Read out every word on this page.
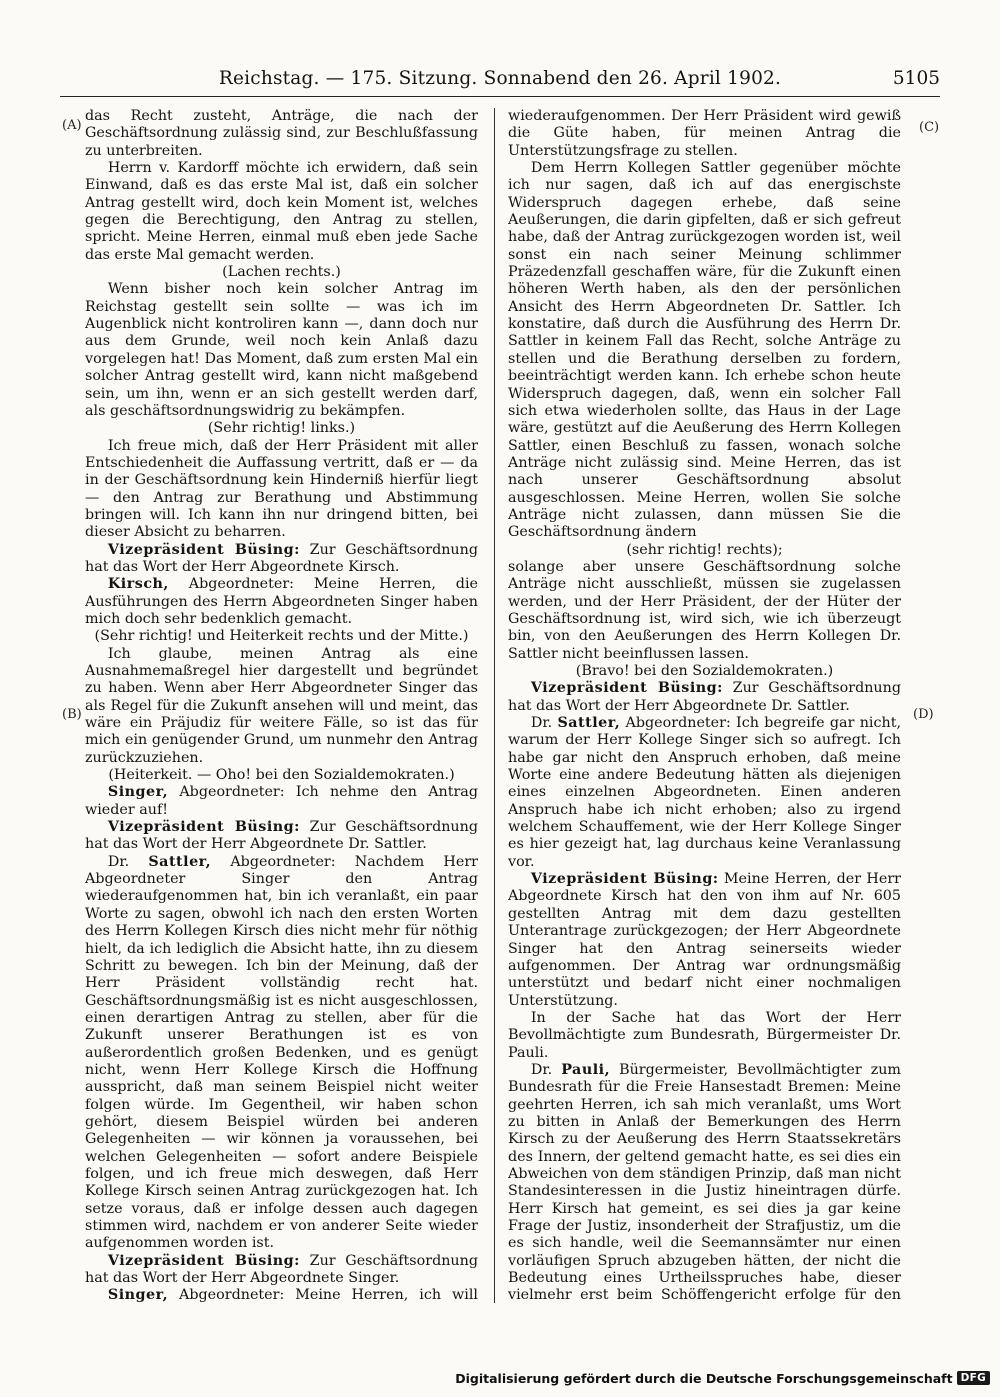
Reichstag. — 175. Sitzung. Sonnabend den 26. April 1902.	5105
(A)
(B)
(C)
(D)

das Recht zusteht, Anträge, die nach der Geschäftsordnung zulässig sind, zur Beschlußfassung zu unterbreiten.

Herrn v. Kardorff möchte ich erwidern, daß sein Einwand, daß es das erste Mal ist, daß ein solcher Antrag gestellt wird, doch kein Moment ist, welches gegen die Berechtigung, den Antrag zu stellen, spricht. Meine Herren, einmal muß eben jede Sache das erste Mal gemacht werden.

(Lachen rechts.)

Wenn bisher noch kein solcher Antrag im Reichstag gestellt sein sollte — was ich im Augenblick nicht kontroliren kann —, dann doch nur aus dem Grunde, weil noch kein Anlaß dazu vorgelegen hat! Das Moment, daß zum ersten Mal ein solcher Antrag gestellt wird, kann nicht maßgebend sein, um ihn, wenn er an sich gestellt werden darf, als geschäftsordnungswidrig zu bekämpfen.

(Sehr richtig! links.)

Ich freue mich, daß der Herr Präsident mit aller Entschiedenheit die Auffassung vertritt, daß er — da in der Geschäftsordnung kein Hinderniß hierfür liegt — den Antrag zur Berathung und Abstimmung bringen will. Ich kann ihn nur dringend bitten, bei dieser Absicht zu beharren.

Vizepräsident Büsing: Zur Geschäftsordnung hat das Wort der Herr Abgeordnete Kirsch.

Kirsch, Abgeordneter: Meine Herren, die Ausführungen des Herrn Abgeordneten Singer haben mich doch sehr bedenklich gemacht.

(Sehr richtig! und Heiterkeit rechts und der Mitte.)

Ich glaube, meinen Antrag als eine Ausnahmemaßregel hier dargestellt und begründet zu haben. Wenn aber Herr Abgeordneter Singer das als Regel für die Zukunft ansehen will und meint, das wäre ein Präjudiz für weitere Fälle, so ist das für mich ein genügender Grund, um nunmehr den Antrag zurückzuziehen.

(Heiterkeit. — Oho! bei den Sozialdemokraten.)

Singer, Abgeordneter: Ich nehme den Antrag wieder auf!

Vizepräsident Büsing: Zur Geschäftsordnung hat das Wort der Herr Abgeordnete Dr. Sattler.

Dr. Sattler, Abgeordneter: Nachdem Herr Abgeordneter Singer den Antrag wiederaufgenommen hat, bin ich veranlaßt, ein paar Worte zu sagen, obwohl ich nach den ersten Worten des Herrn Kollegen Kirsch dies nicht mehr für nöthig hielt, da ich lediglich die Absicht hatte, ihn zu diesem Schritt zu bewegen. Ich bin der Meinung, daß der Herr Präsident vollständig recht hat. Geschäftsordnungsmäßig ist es nicht ausgeschlossen, einen derartigen Antrag zu stellen, aber für die Zukunft unserer Berathungen ist es von außerordentlich großen Bedenken, und es genügt nicht, wenn Herr Kollege Kirsch die Hoffnung ausspricht, daß man seinem Beispiel nicht weiter folgen würde. Im Gegentheil, wir haben schon gehört, diesem Beispiel würden bei anderen Gelegenheiten — wir können ja voraussehen, bei welchen Gelegenheiten — sofort andere Beispiele folgen, und ich freue mich deswegen, daß Herr Kollege Kirsch seinen Antrag zurückgezogen hat. Ich setze voraus, daß er infolge dessen auch dagegen stimmen wird, nachdem er von anderer Seite wieder aufgenommen worden ist.

Vizepräsident Büsing: Zur Geschäftsordnung hat das Wort der Herr Abgeordnete Singer.

Singer, Abgeordneter: Meine Herren, ich will

wiederaufgenommen. Der Herr Präsident wird gewiß die Güte haben, für meinen Antrag die Unterstützungsfrage zu stellen.

Dem Herrn Kollegen Sattler gegenüber möchte ich nur sagen, daß ich auf das energischste Widerspruch dagegen erhebe, daß seine Aeußerungen, die darin gipfelten, daß er sich gefreut habe, daß der Antrag zurückgezogen worden ist, weil sonst ein nach seiner Meinung schlimmer Präzedenzfall geschaffen wäre, für die Zukunft einen höheren Werth haben, als den der persönlichen Ansicht des Herrn Abgeordneten Dr. Sattler. Ich konstatire, daß durch die Ausführung des Herrn Dr. Sattler in keinem Fall das Recht, solche Anträge zu stellen und die Berathung derselben zu fordern, beeinträchtigt werden kann. Ich erhebe schon heute Widerspruch dagegen, daß, wenn ein solcher Fall sich etwa wiederholen sollte, das Haus in der Lage wäre, gestützt auf die Aeußerung des Herrn Kollegen Sattler, einen Beschluß zu fassen, wonach solche Anträge nicht zulässig sind. Meine Herren, das ist nach unserer Geschäftsordnung absolut ausgeschlossen. Meine Herren, wollen Sie solche Anträge nicht zulassen, dann müssen Sie die Geschäftsordnung ändern

(sehr richtig! rechts);

solange aber unsere Geschäftsordnung solche Anträge nicht ausschließt, müssen sie zugelassen werden, und der Herr Präsident, der der Hüter der Geschäftsordnung ist, wird sich, wie ich überzeugt bin, von den Aeußerungen des Herrn Kollegen Dr. Sattler nicht beeinflussen lassen.

(Bravo! bei den Sozialdemokraten.)

Vizepräsident Büsing: Zur Geschäftsordnung hat das Wort der Herr Abgeordnete Dr. Sattler.

Dr. Sattler, Abgeordneter: Ich begreife gar nicht, warum der Herr Kollege Singer sich so aufregt. Ich habe gar nicht den Anspruch erhoben, daß meine Worte eine andere Bedeutung hätten als diejenigen eines einzelnen Abgeordneten. Einen anderen Anspruch habe ich nicht erhoben; also zu irgend welchem Schauffement, wie der Herr Kollege Singer es hier gezeigt hat, lag durchaus keine Veranlassung vor.

Vizepräsident Büsing: Meine Herren, der Herr Abgeordnete Kirsch hat den von ihm auf Nr. 605 gestellten Antrag mit dem dazu gestellten Unterantrage zurückgezogen; der Herr Abgeordnete Singer hat den Antrag seinerseits wieder aufgenommen. Der Antrag war ordnungsmäßig unterstützt und bedarf nicht einer nochmaligen Unterstützung.

In der Sache hat das Wort der Herr Bevollmächtigte zum Bundesrath, Bürgermeister Dr. Pauli.

Dr. Pauli, Bürgermeister, Bevollmächtigter zum Bundesrath für die Freie Hansestadt Bremen: Meine geehrten Herren, ich sah mich veranlaßt, ums Wort zu bitten in Anlaß der Bemerkungen des Herrn Kirsch zu der Aeußerung des Herrn Staatssekretärs des Innern, der geltend gemacht hatte, es sei dies ein Abweichen von dem ständigen Prinzip, daß man nicht Standesinteressen in die Justiz hineintragen dürfe. Herr Kirsch hat gemeint, es sei dies ja gar keine Frage der Justiz, insonderheit der Strafjustiz, um die es sich handle, weil die Seemannsämter nur einen vorläufigen Spruch abzugeben hätten, der nicht die Bedeutung eines Urtheilsspruches habe, dieser vielmehr erst beim Schöffengericht erfolge für den

Digitalisierung gefördert durch die Deutsche Forschungsgemeinschaft DFG
